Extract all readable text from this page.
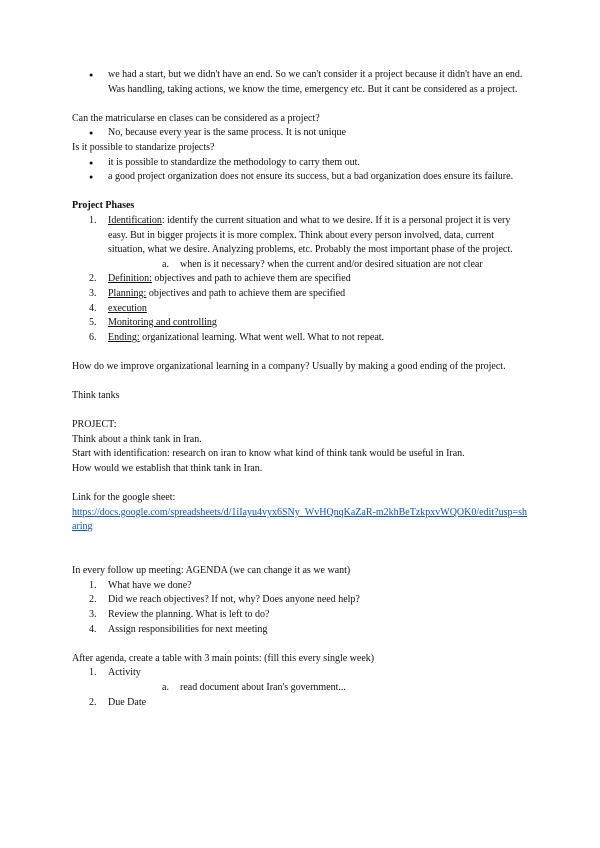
● we had a start, but we didn't have an end. So we can't consider it a project because it didn't have an end. Was handling, taking actions, we know the time, emergency etc. But it cant be considered as a project.

Can the matricularse en clases can be considered as a project?

● No, because every year is the same process. It is not unique

Is it possible to standarize projects?

● it is possible to standardize the methodology to carry them out.
● a good project organization does not ensure its success, but a bad organization does ensure its failure.

Project Phases

1. Identification: identify the current situation and what to we desire. If it is a personal project it is very easy. But in bigger projects it is more complex. Think about every person involved, data, current situation, what we desire. Analyzing problems, etc. Probably the most important phase of the project.
a. when is it necessary? when the current and/or desired situation are not clear
2. Definition: objectives and path to achieve them are specified
3. Planning: objectives and path to achieve them are specified
4. execution
5. Monitoring and controlling
6. Ending: organizational learning. What went well. What to not repeat.

How do we improve organizational learning in a company? Usually by making a good ending of the project.

Think tanks

PROJECT:

Think about a think tank in Iran.

Start with identification: research on iran to know what kind of think tank would be useful in Iran.

How would we establish that think tank in Iran.

Link for the google sheet:

https://docs.google.com/spreadsheets/d/1iIayu4vyx6SNy_WvHQnqKaZaR-m2khBeTzkpxvWQOK0/edit?usp=sharing

In every follow up meeting: AGENDA (we can change it as we want)

1. What have we done?
2. Did we reach objectives? If not, why? Does anyone need help?
3. Review the planning. What is left to do?
4. Assign responsibilities for next meeting

After agenda, create a table with 3 main points: (fill this every single week)

1. Activity
a. read document about Iran's government...
2. Due Date
